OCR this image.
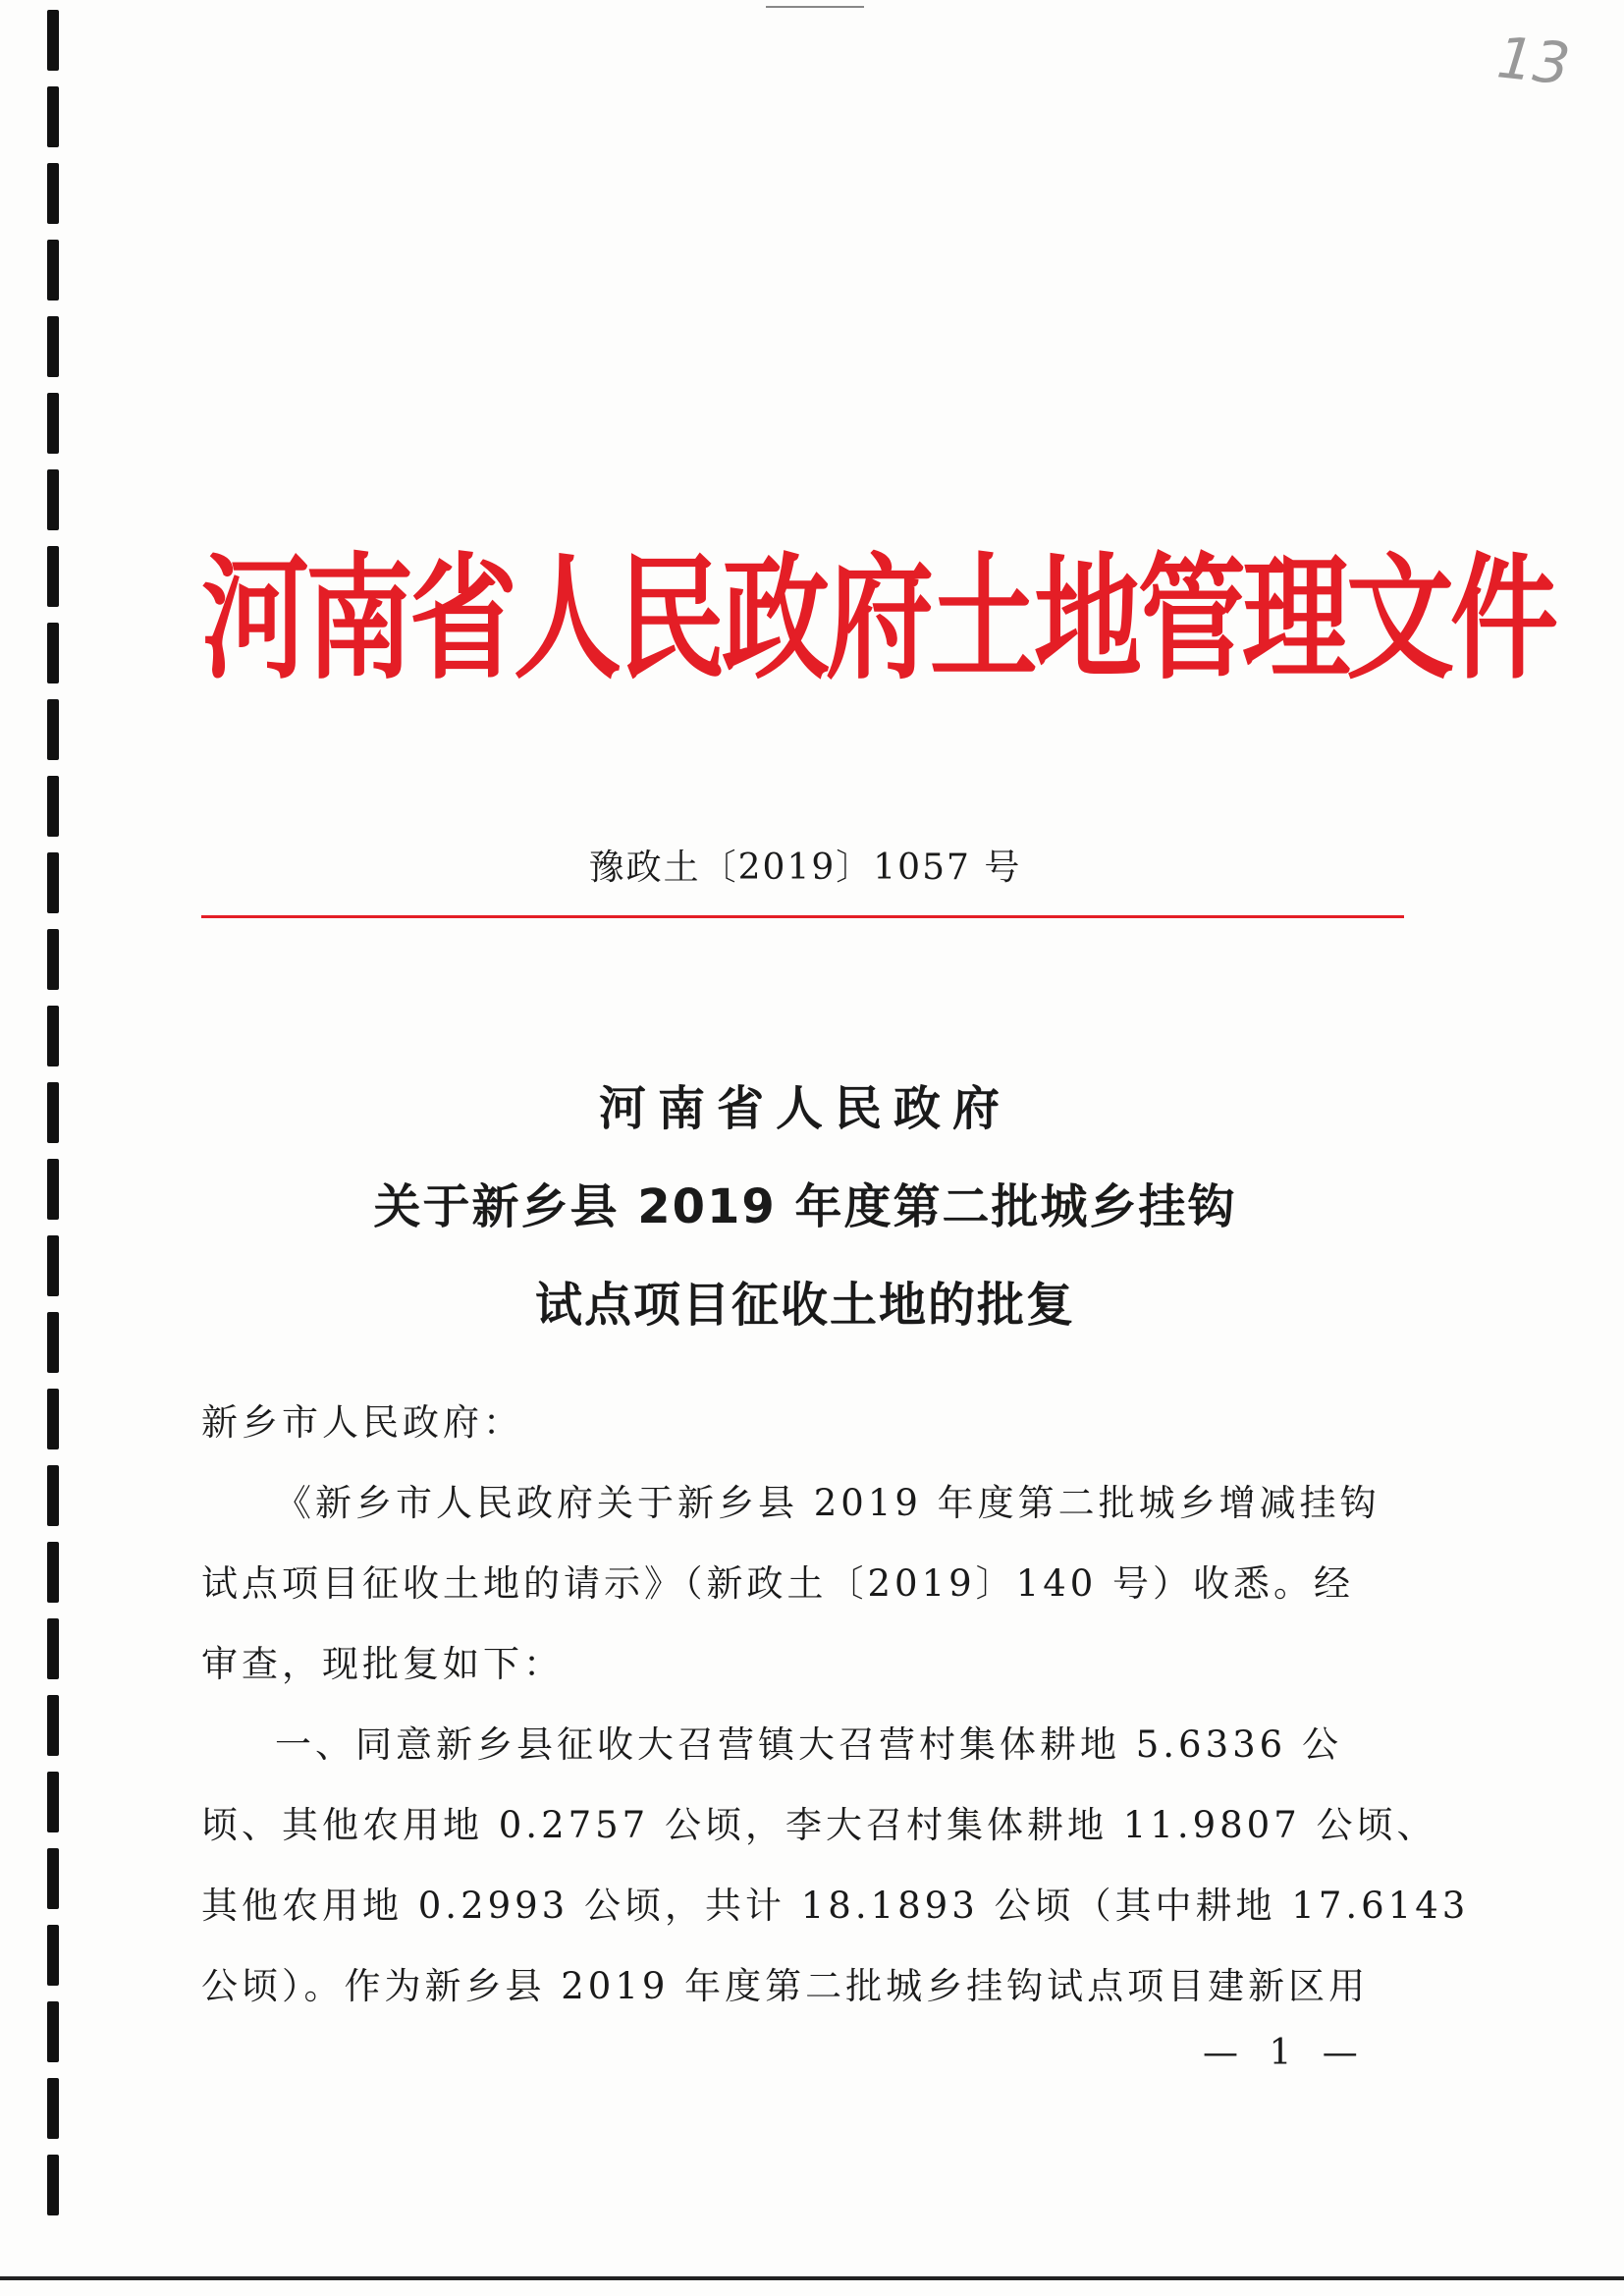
13
河南省人民政府土地管理文件
豫政土〔2019〕1057 号
河南省人民政府
关于新乡县 2019 年度第二批城乡挂钩
试点项目征收土地的批复
新乡市人民政府：
《新乡市人民政府关于新乡县 2019 年度第二批城乡增减挂钩
试点项目征收土地的请示》（新政土〔2019〕140 号）收悉。经
审查，现批复如下：
一、同意新乡县征收大召营镇大召营村集体耕地 5.6336 公
顷、其他农用地 0.2757 公顷，李大召村集体耕地 11.9807 公顷、
其他农用地 0.2993 公顷，共计 18.1893 公顷（其中耕地 17.6143
公顷）。作为新乡县 2019 年度第二批城乡挂钩试点项目建新区用
— 1 —
